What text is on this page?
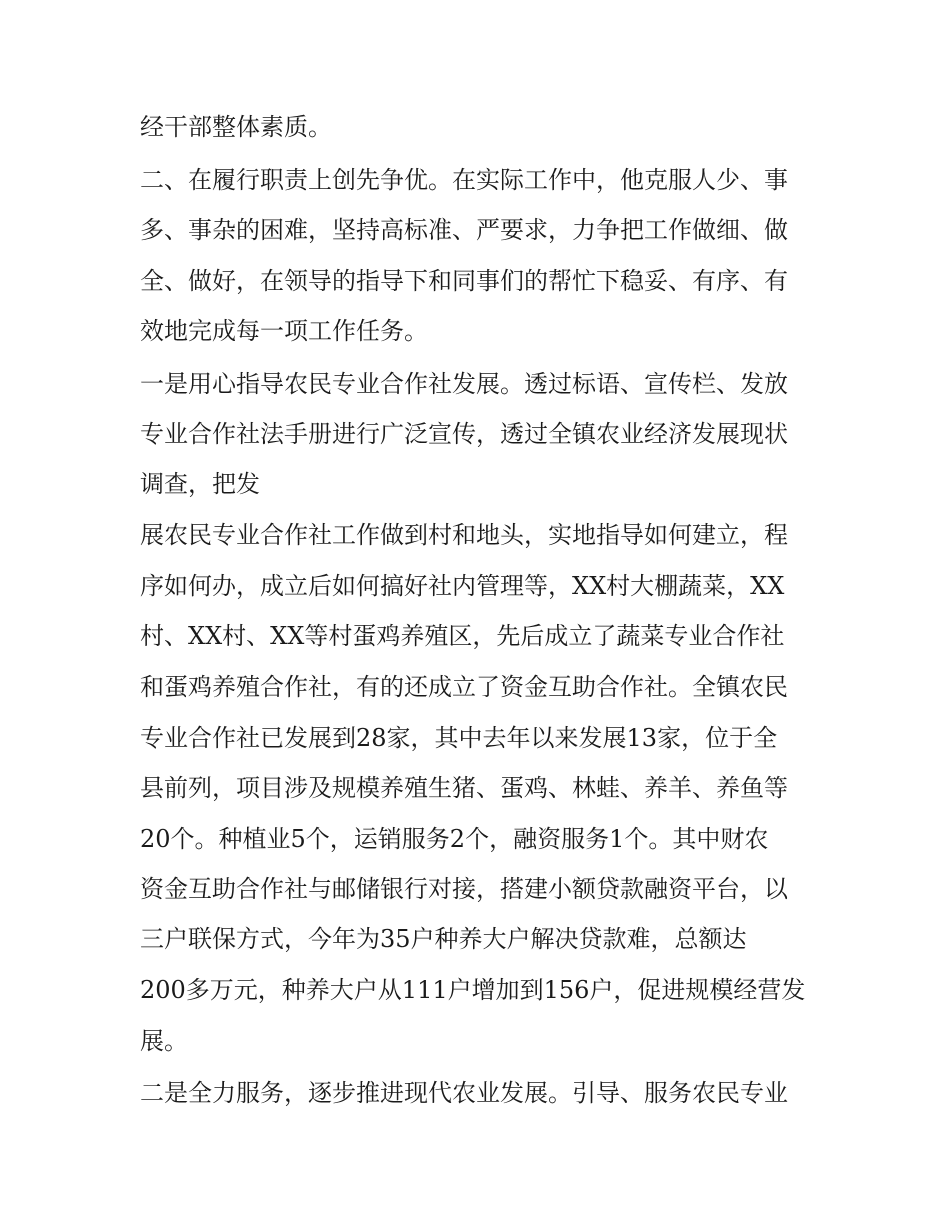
经干部整体素质。
二、在履行职责上创先争优。在实际工作中，他克服人少、事
多、事杂的困难，坚持高标准、严要求，力争把工作做细、做
全、做好，在领导的指导下和同事们的帮忙下稳妥、有序、有
效地完成每一项工作任务。
一是用心指导农民专业合作社发展。透过标语、宣传栏、发放
专业合作社法手册进行广泛宣传，透过全镇农业经济发展现状
调查，把发
展农民专业合作社工作做到村和地头，实地指导如何建立，程
序如何办，成立后如何搞好社内管理等，XX村大棚蔬菜，XX
村、XX村、XX等村蛋鸡养殖区，先后成立了蔬菜专业合作社
和蛋鸡养殖合作社，有的还成立了资金互助合作社。全镇农民
专业合作社已发展到28家，其中去年以来发展13家，位于全
县前列，项目涉及规模养殖生猪、蛋鸡、林蛙、养羊、养鱼等
20个。种植业5个，运销服务2个，融资服务1个。其中财农
资金互助合作社与邮储银行对接，搭建小额贷款融资平台，以
三户联保方式，今年为35户种养大户解决贷款难，总额达
200多万元，种养大户从111户增加到156户，促进规模经营发
展。
二是全力服务，逐步推进现代农业发展。引导、服务农民专业
